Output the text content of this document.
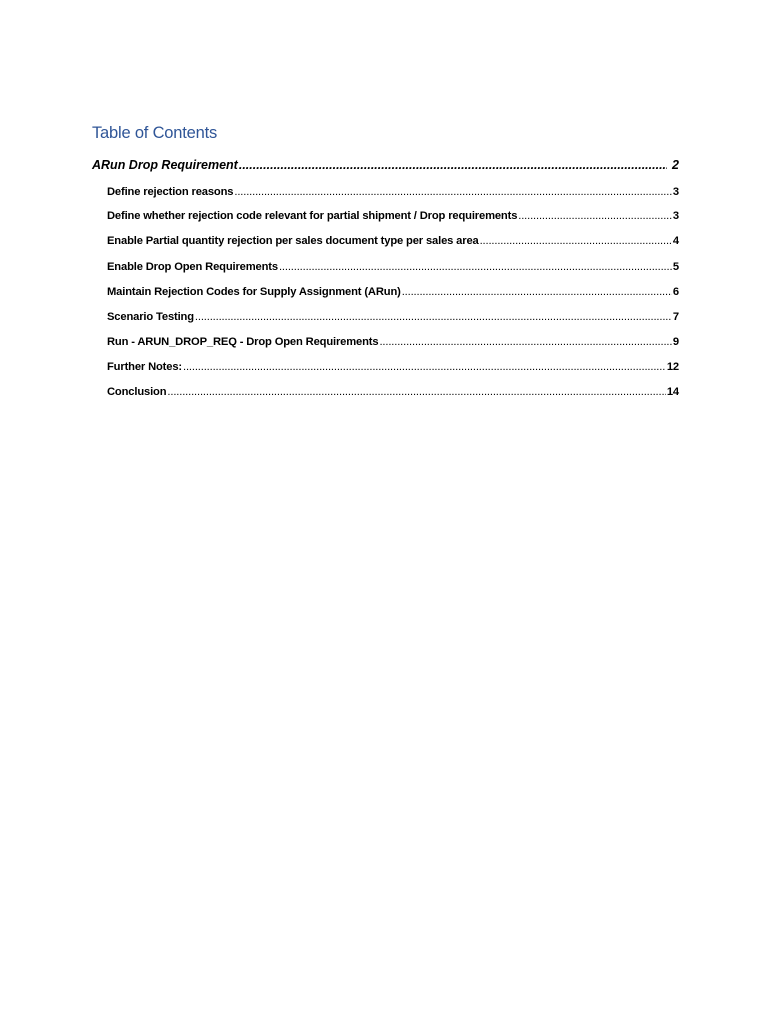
Table of Contents
ARun Drop Requirement .....	2
Define rejection reasons .....	3
Define whether rejection code relevant for partial shipment / Drop requirements .....	3
Enable Partial quantity rejection per sales document type per sales area .....	4
Enable Drop Open Requirements .....	5
Maintain Rejection Codes for Supply Assignment (ARun) .....	6
Scenario Testing .....	7
Run - ARUN_DROP_REQ - Drop Open Requirements .....	9
Further Notes: .....	12
Conclusion .....	14
